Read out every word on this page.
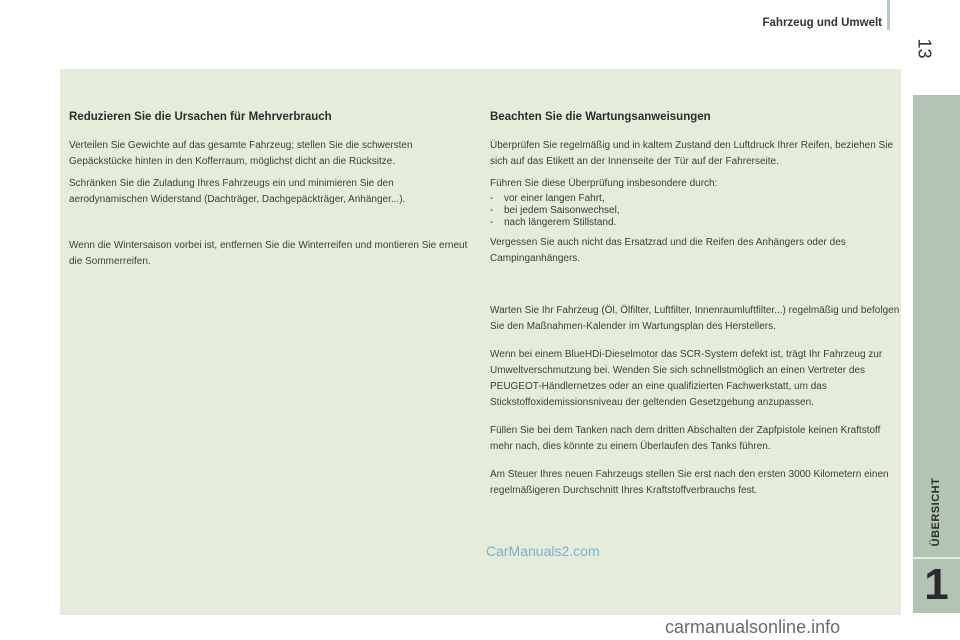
Fahrzeug und Umwelt
13
ÜBERSICHT
1
Reduzieren Sie die Ursachen für Mehrverbrauch

Verteilen Sie Gewichte auf das gesamte Fahrzeug; stellen Sie die schwersten Gepäckstücke hinten in den Kofferraum, möglichst dicht an die Rücksitze.

Schränken Sie die Zuladung Ihres Fahrzeugs ein und minimieren Sie den aerodynamischen Widerstand (Dachträger, Dachgepäckträger, Anhänger...).

Wenn die Wintersaison vorbei ist, entfernen Sie die Winterreifen und montieren Sie erneut die Sommerreifen.

Beachten Sie die Wartungsanweisungen

Überprüfen Sie regelmäßig und in kaltem Zustand den Luftdruck Ihrer Reifen, beziehen Sie sich auf das Etikett an der Innenseite der Tür auf der Fahrerseite.

Führen Sie diese Überprüfung insbesondere durch:

- vor einer langen Fahrt,
- bei jedem Saisonwechsel,
- nach längerem Stillstand.

Vergessen Sie auch nicht das Ersatzrad und die Reifen des Anhängers oder des Campinganhängers.

Warten Sie Ihr Fahrzeug (Öl, Ölfilter, Luftfilter, Innenraumluftfilter...) regelmäßig und befolgen Sie den Maßnahmen-Kalender im Wartungsplan des Herstellers.

Wenn bei einem BlueHDi-Dieselmotor das SCR-System defekt ist, trägt Ihr Fahrzeug zur Umweltverschmutzung bei. Wenden Sie sich schnellstmöglich an einen Vertreter des PEUGEOT-Händlernetzes oder an eine qualifizierten Fachwerkstatt, um das Stickstoffoxidemissionsniveau der geltenden Gesetzgebung anzupassen.

Füllen Sie bei dem Tanken nach dem dritten Abschalten der Zapfpistole keinen Kraftstoff mehr nach, dies könnte zu einem Überlaufen des Tanks führen.

Am Steuer Ihres neuen Fahrzeugs stellen Sie erst nach den ersten 3000 Kilometern einen regelmäßigeren Durchschnitt Ihres Kraftstoffverbrauchs fest.

CarManuals2.com
carmanualsonline.info
